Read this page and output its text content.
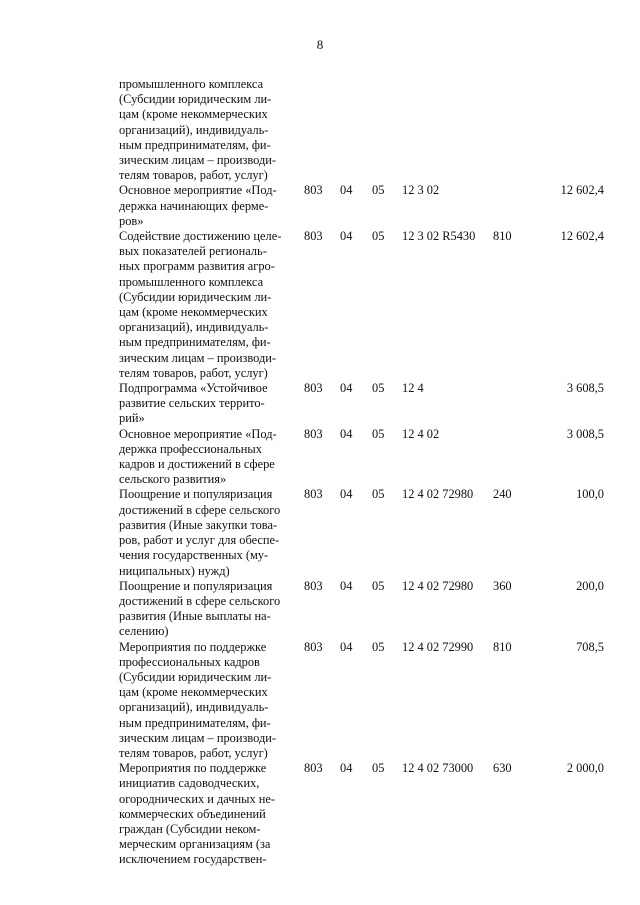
8
промышленного комплекса
(Субсидии юридическим ли-
цам (кроме некоммерческих
организаций), индивидуаль-
ным предпринимателям, фи-
зическим лицам – производи-
телям товаров, работ, услуг)
Основное мероприятие «Под-
держка начинающих ферме-
ров»
803 04 05 12 3 02	12 602,4
Содействие достижению целе-
вых показателей региональ-
ных программ развития агро-
промышленного комплекса
(Субсидии юридическим ли-
цам (кроме некоммерческих
организаций), индивидуаль-
ным предпринимателям, фи-
зическим лицам – производи-
телям товаров, работ, услуг)
803 04 05 12 3 02 R5430 810	12 602,4
Подпрограмма «Устойчивое
развитие сельских террито-
рий»
803 04 05 12 4	3 608,5
Основное мероприятие «Под-
держка профессиональных
кадров и достижений в сфере
сельского развития»
803 04 05 12 4 02	3 008,5
Поощрение и популяризация
достижений в сфере сельского
развития (Иные закупки това-
ров, работ и услуг для обеспе-
чения государственных (му-
ниципальных) нужд)
803 04 05 12 4 02 72980 240	100,0
Поощрение и популяризация
достижений в сфере сельского
развития (Иные выплаты на-
селению)
803 04 05 12 4 02 72980 360	200,0
Мероприятия по поддержке
профессиональных кадров
(Субсидии юридическим ли-
цам (кроме некоммерческих
организаций), индивидуаль-
ным предпринимателям, фи-
зическим лицам – производи-
телям товаров, работ, услуг)
803 04 05 12 4 02 72990 810	708,5
Мероприятия по поддержке
инициатив садоводческих,
огороднических и дачных не-
коммерческих объединений
граждан (Субсидии неком-
мерческим организациям (за
исключением государствен-
803 04 05 12 4 02 73000 630	2 000,0
